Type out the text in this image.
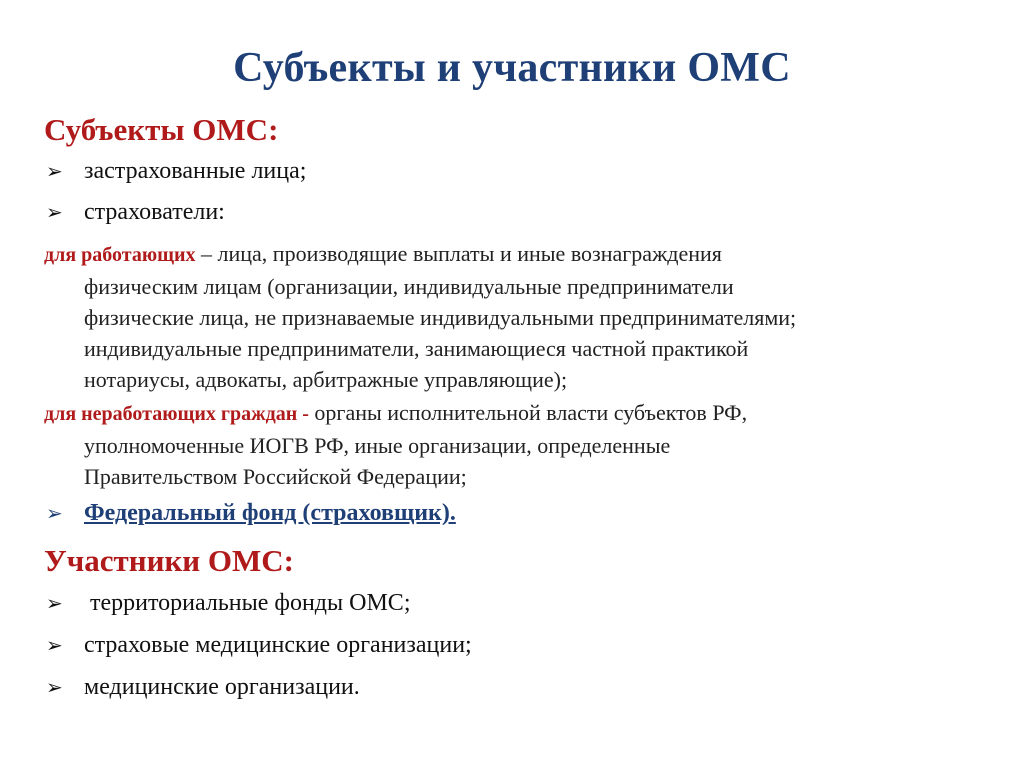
Субъекты и участники ОМС
Субъекты ОМС:
➢ застрахованные лица;
➢ страхователи:
для работающих – лица, производящие выплаты и иные вознаграждения
физическим лицам (организации, индивидуальные предприниматели
физические лица, не признаваемые индивидуальными предпринимателями;
индивидуальные предприниматели, занимающиеся частной практикой
нотариусы, адвокаты, арбитражные управляющие);
для неработающих граждан - органы исполнительной власти субъектов РФ,
уполномоченные ИОГВ РФ, иные организации, определенные
Правительством Российской Федерации;
➢ Федеральный фонд (страховщик).
Участники ОМС:
➢ территориальные фонды ОМС;
➢ страховые медицинские организации;
➢ медицинские организации.
